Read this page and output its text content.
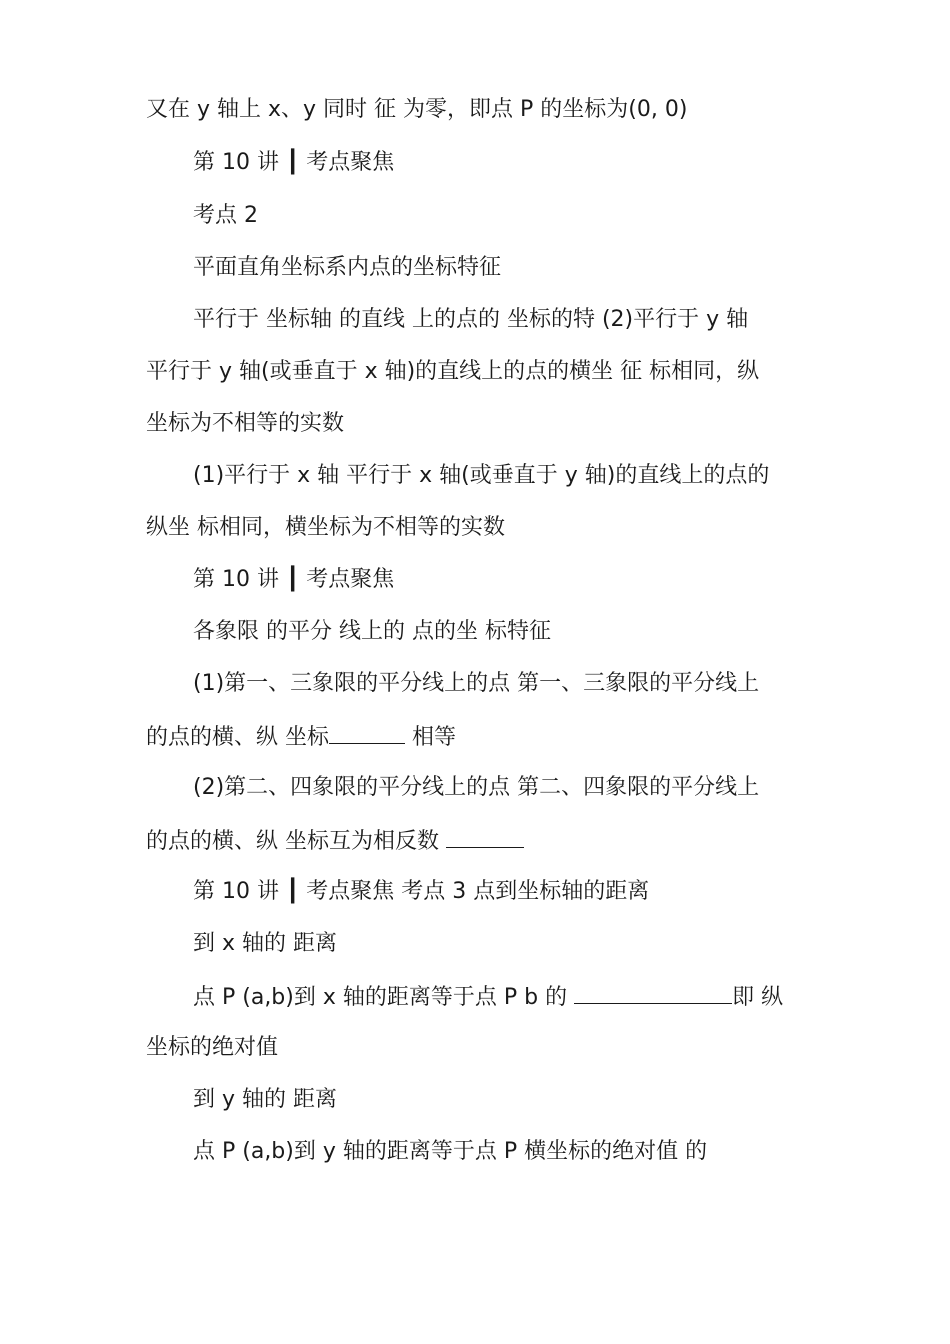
又在 y 轴上 x、y 同时 征 为零，即点 P 的坐标为(0, 0)
第 10 讲 ┃ 考点聚焦
考点 2
平面直角坐标系内点的坐标特征
平行于 坐标轴 的直线 上的点的 坐标的特 (2)平行于 y 轴
平行于 y 轴(或垂直于 x 轴)的直线上的点的横坐 征 标相同，纵
坐标为不相等的实数
(1)平行于 x 轴 平行于 x 轴(或垂直于 y 轴)的直线上的点的
纵坐 标相同，横坐标为不相等的实数
第 10 讲 ┃ 考点聚焦
各象限 的平分 线上的 点的坐 标特征
(1)第一、三象限的平分线上的点 第一、三象限的平分线上
的点的横、纵 坐标	相等
(2)第二、四象限的平分线上的点 第二、四象限的平分线上
的点的横、纵 坐标互为相反数
第 10 讲 ┃ 考点聚焦 考点 3 点到坐标轴的距离
到 x 轴的 距离
点 P (a,b)到 x 轴的距离等于点 P b 的	即 纵
坐标的绝对值
到 y 轴的 距离
点 P (a,b)到 y 轴的距离等于点 P 横坐标的绝对值 的
